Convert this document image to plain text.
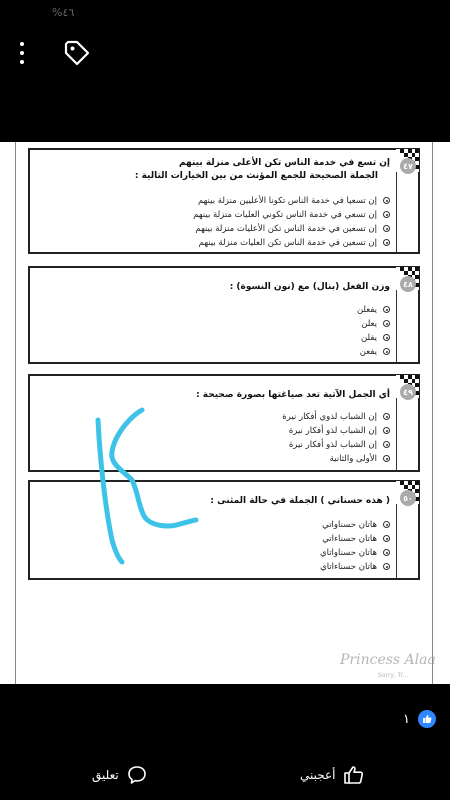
%٤٦
٤٧
إن تسع في خدمة الناس تكن الأعلى منزلة بينهم
الجملة الصحيحة للجمع المؤنث من بين الخيارات التالية :
إن تسعيا في خدمة الناس تكونا الأعليين منزلة بينهم
إن تسعي في خدمة الناس تكوني العليات منزلة بينهم
إن تسعين في خدمة الناس تكن الأعليات منزلة بينهم
إن تسعين في خدمة الناس تكن العليات منزلة بينهم
٤٨
وزن الفعل (بنال) مع (نون النسوة) :
يفعلن
يعلن
يفلن
يفعن
٤٩
أي الجمل الآتية تعد صياغتها بصورة صحيحة :
إن الشباب لذوي أفكار نيرة
إن الشباب لذو أفكار نيرة
إن الشباب لذو أفكار نيرة
الأولى والثانية
٥٠
( هذه حسناني ) الجملة في حالة المثنى :
هاتان حسناواتي
هاتان حسناءاتي
هاتان حسناواتاي
هاتان حسناءاتاي
Princess Alaa
Sorry, Tr...
١
تعليق	أعجبني
